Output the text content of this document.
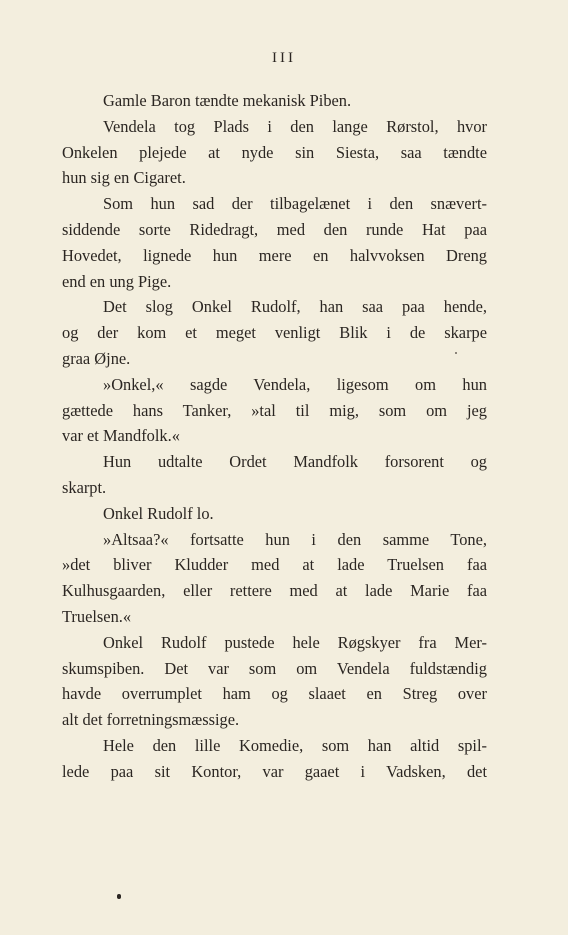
III
Gamle Baron tændte mekanisk Piben.
Vendela tog Plads i den lange Rørstol, hvor
Onkelen plejede at nyde sin Siesta, saa tændte
hun sig en Cigaret.
Som hun sad der tilbagelænet i den snævert-
siddende sorte Ridedragt, med den runde Hat paa
Hovedet, lignede hun mere en halvvoksen Dreng
end en ung Pige.
Det slog Onkel Rudolf, han saa paa hende,
og der kom et meget venligt Blik i de skarpe
graa Øjne.
»Onkel,« sagde Vendela, ligesom om hun
gættede hans Tanker, »tal til mig, som om jeg
var et Mandfolk.«
Hun udtalte Ordet Mandfolk forsorent og
skarpt.
Onkel Rudolf lo.
»Altsaa?« fortsatte hun i den samme Tone,
»det bliver Kludder med at lade Truelsen faa
Kulhusgaarden, eller rettere med at lade Marie faa
Truelsen.«
Onkel Rudolf pustede hele Røgskyer fra Mer-
skumspiben. Det var som om Vendela fuldstændig
havde overrumplet ham og slaaet en Streg over
alt det forretningsmæssige.
Hele den lille Komedie, som han altid spil-
lede paa sit Kontor, var gaaet i Vadsken, det
